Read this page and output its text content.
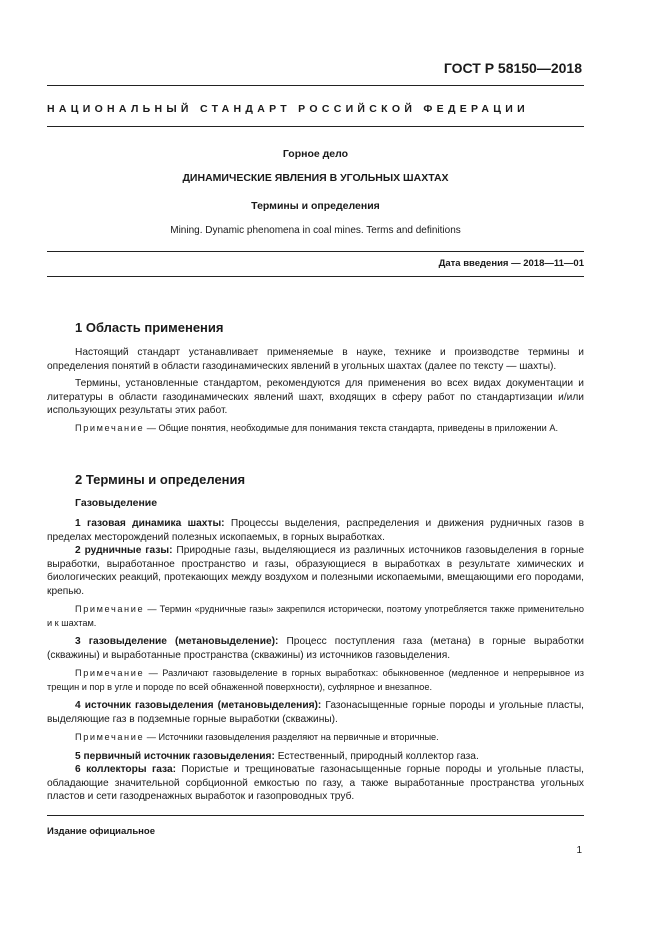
ГОСТ Р 58150—2018
НАЦИОНАЛЬНЫЙ СТАНДАРТ РОССИЙСКОЙ ФЕДЕРАЦИИ
Горное дело
ДИНАМИЧЕСКИЕ ЯВЛЕНИЯ В УГОЛЬНЫХ ШАХТАХ
Термины и определения
Mining. Dynamic phenomena in coal mines. Terms and definitions
Дата введения — 2018—11—01
1 Область применения

Настоящий стандарт устанавливает применяемые в науке, технике и производстве термины и определения понятий в области газодинамических явлений в угольных шахтах (далее по тексту — шахты).

Термины, установленные стандартом, рекомендуются для применения во всех видах документации и литературы в области газодинамических явлений шахт, входящих в сферу работ по стандартизации и/или использующих результаты этих работ.

Примечание — Общие понятия, необходимые для понимания текста стандарта, приведены в приложении А.

2 Термины и определения
Газовыделение

1 газовая динамика шахты: Процессы выделения, распределения и движения рудничных газов в пределах месторождений полезных ископаемых, в горных выработках.

2 рудничные газы: Природные газы, выделяющиеся из различных источников газовыделения в горные выработки, выработанное пространство и газы, образующиеся в выработках в результате химических и биологических реакций, протекающих между воздухом и полезными ископаемыми, вмещающими его породами, крепью.

Примечание — Термин «рудничные газы» закрепился исторически, поэтому употребляется также применительно и к шахтам.

3 газовыделение (метановыделение): Процесс поступления газа (метана) в горные выработки (скважины) и выработанные пространства (скважины) из источников газовыделения.

Примечание — Различают газовыделение в горных выработках: обыкновенное (медленное и непрерывное из трещин и пор в угле и породе по всей обнаженной поверхности), суфлярное и внезапное.

4 источник газовыделения (метановыделения): Газонасыщенные горные породы и угольные пласты, выделяющие газ в подземные горные выработки (скважины).

Примечание — Источники газовыделения разделяют на первичные и вторичные.

5 первичный источник газовыделения: Естественный, природный коллектор газа.

6 коллекторы газа: Пористые и трещиноватые газонасыщенные горные породы и угольные пласты, обладающие значительной сорбционной емкостью по газу, а также выработанные пространства угольных пластов и сети газодренажных выработок и газопроводных труб.

Издание официальное
1
